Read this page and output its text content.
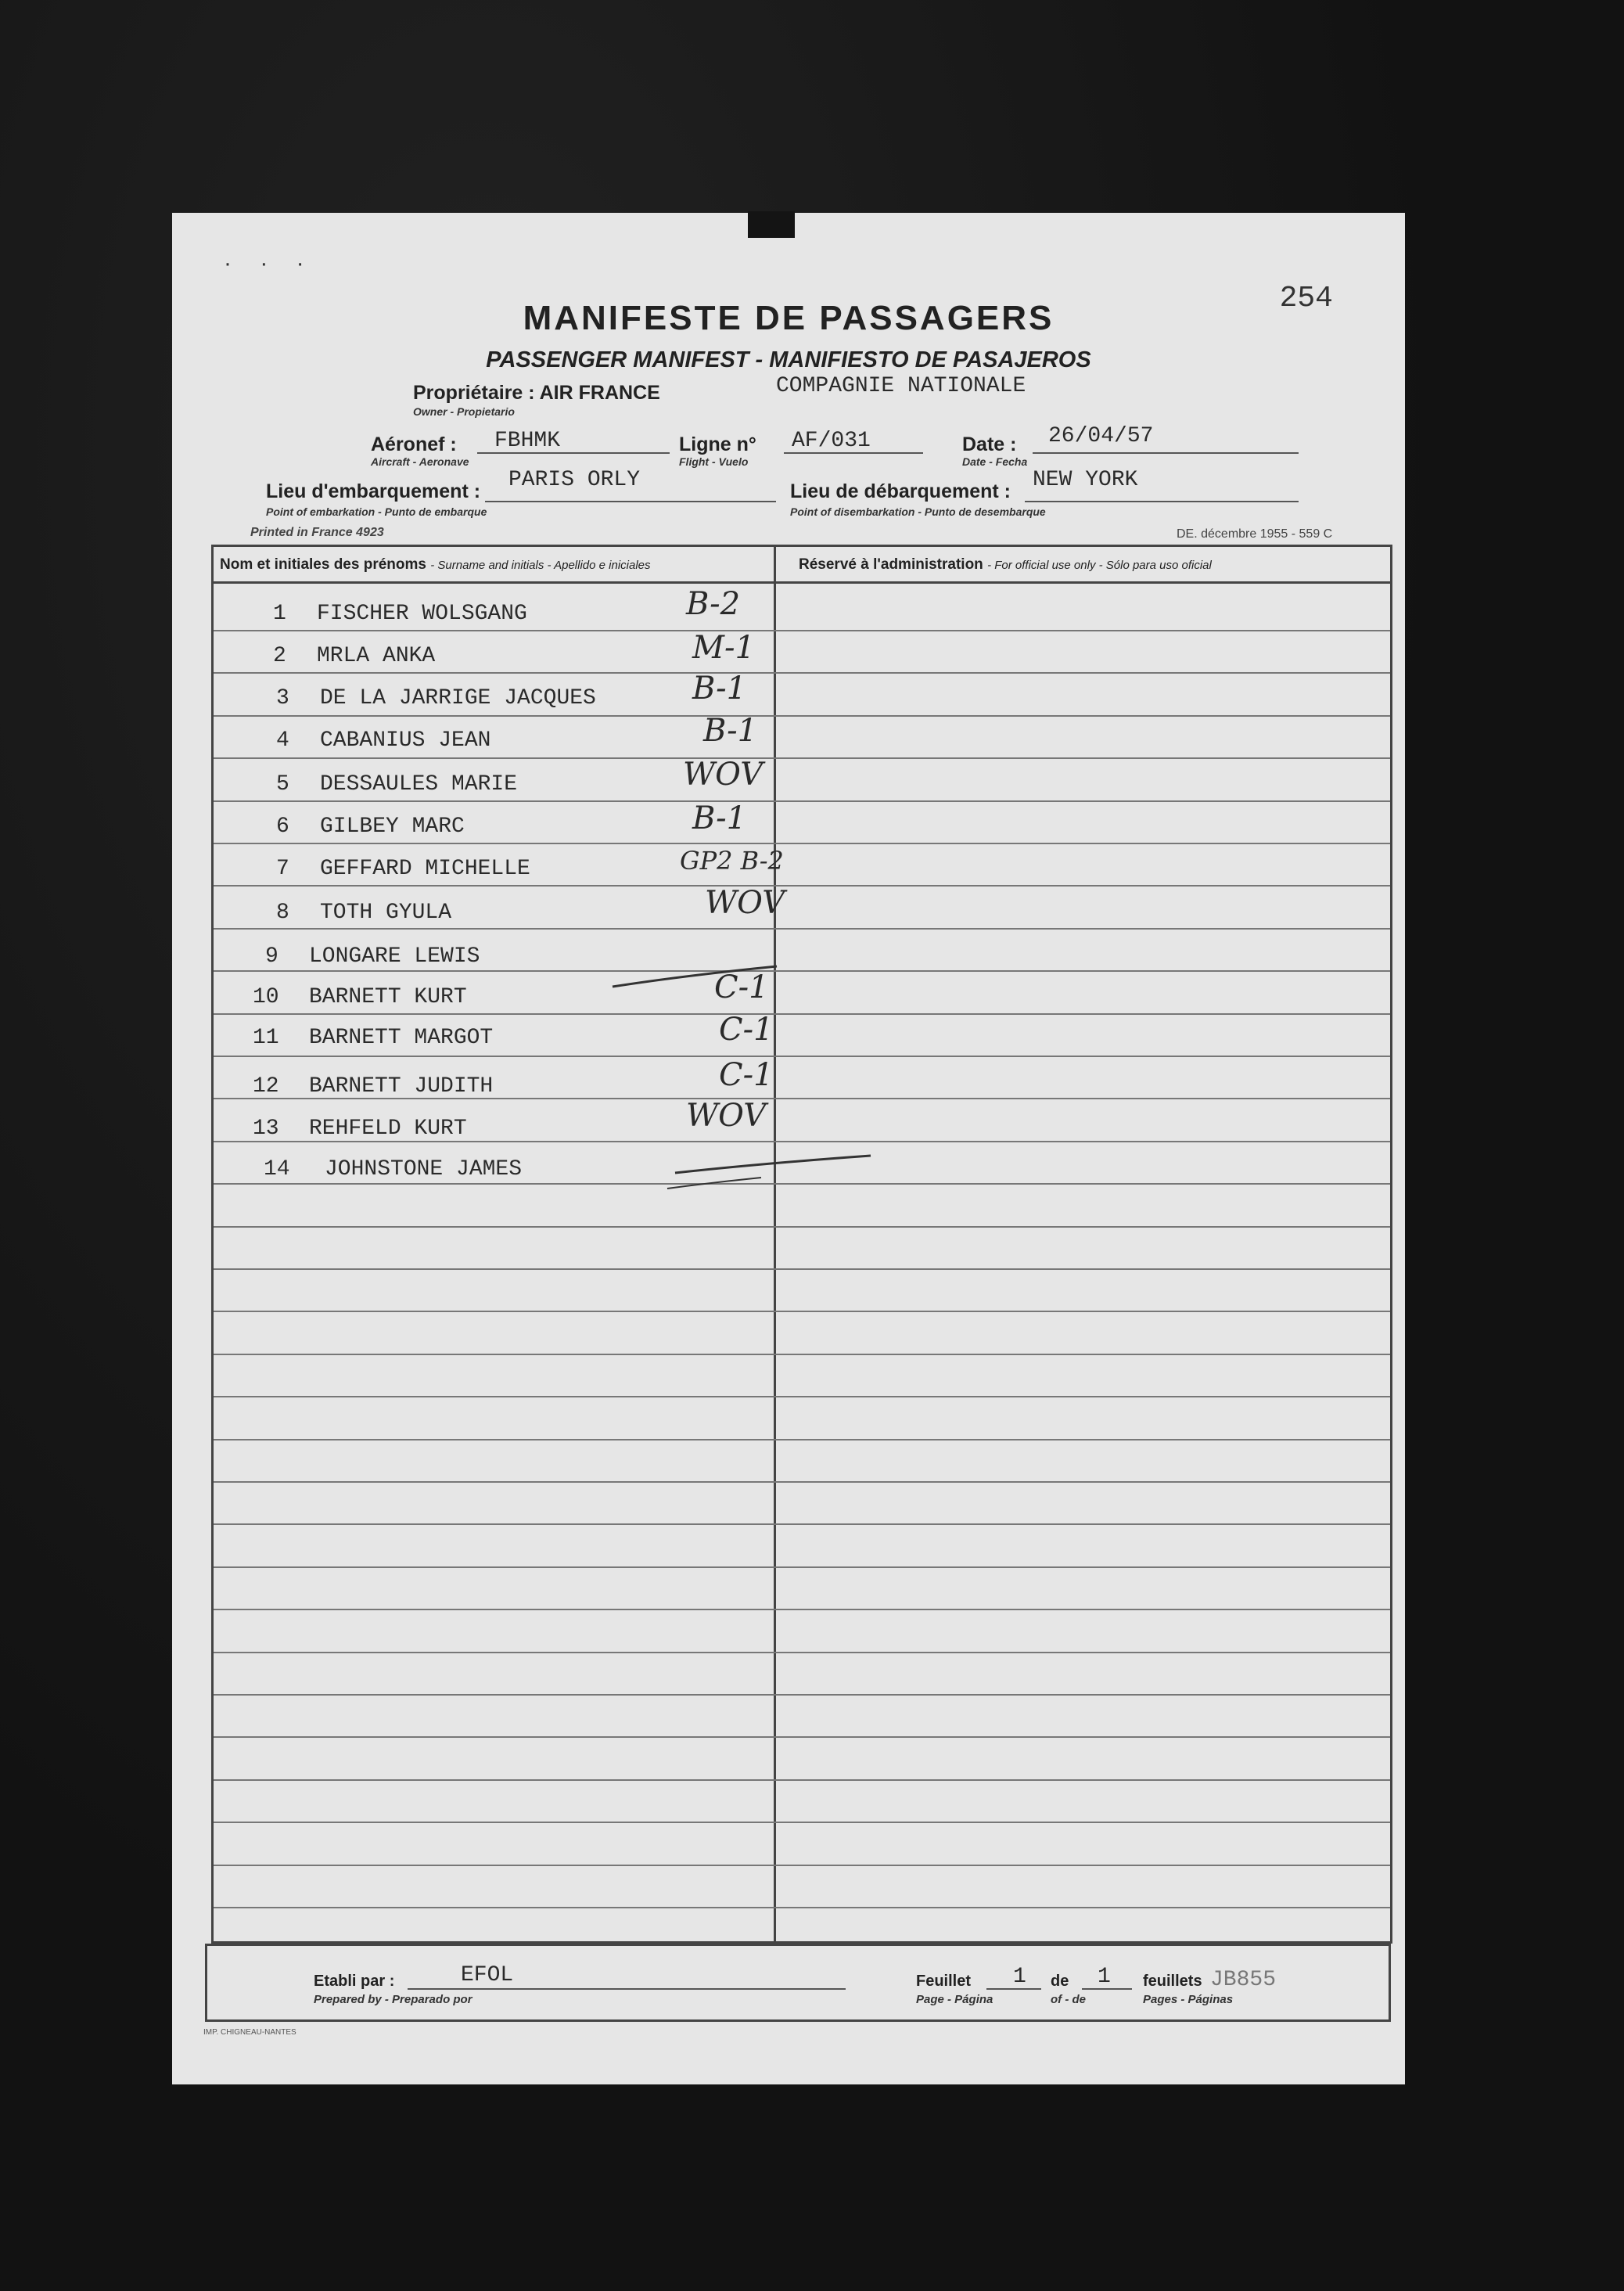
· · ·
254
MANIFESTE DE PASSAGERS
PASSENGER MANIFEST - MANIFIESTO DE PASAJEROS
Propriétaire : AIR FRANCE
Owner - Propietario
COMPAGNIE NATIONALE
Aéronef :
Aircraft - Aeronave
FBHMK	Ligne n°
Flight - Vuelo
AF/031	Date :
Date - Fecha
26/04/57
Lieu d'embarquement :
Point of embarkation - Punto de embarque
PARIS ORLY	Lieu de débarquement :
Point of disembarkation - Punto de desembarque
NEW YORK
Printed in France 4923	DE. décembre 1955 - 559 C
Nom et initiales des prénoms - Surname and initials - Apellido e iniciales	Réservé à l'administration - For official use only - Sólo para uso oficial
1 FISCHER WOLSGANG	B-2
2 MRLA ANKA	M-1
3 DE LA JARRIGE JACQUES	B-1
4 CABANIUS JEAN	B-1
5 DESSAULES MARIE	WOV
6 GILBEY MARC	B-1
7 GEFFARD MICHELLE	GP2 B-2
8 TOTH GYULA	WOV
9 LONGARE LEWIS
10 BARNETT KURT	C-1
11 BARNETT MARGOT	C-1
12 BARNETT JUDITH	C-1
13 REHFELD KURT	WOV
14 JOHNSTONE JAMES
Etabli par :
Prepared by - Preparado por
EFOL	Feuillet
Page - Página
1 de
of - de
1 feuillets
Pages - Páginas
JB855
IMP. CHIGNEAU-NANTES
